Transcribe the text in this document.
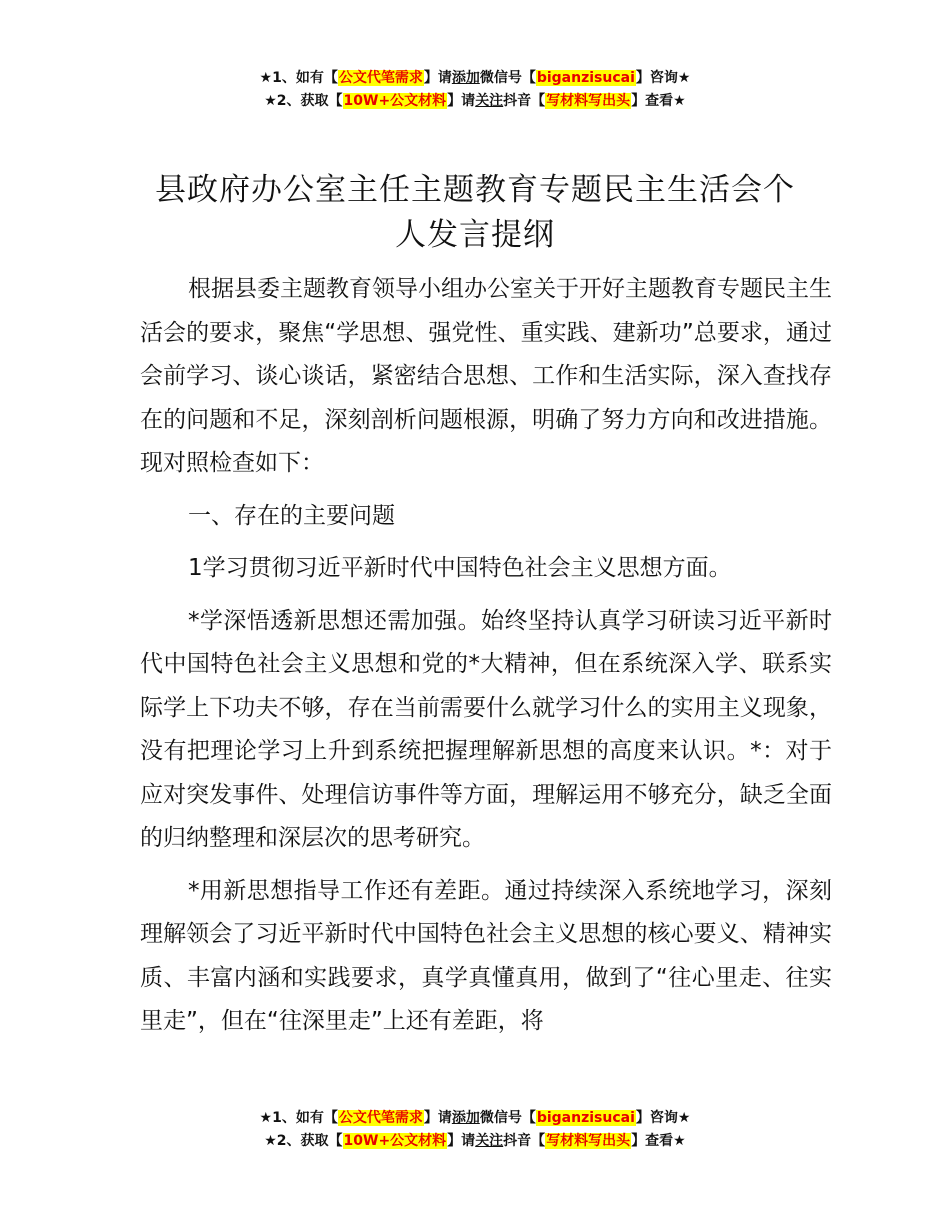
★1、如有【公文代笔需求】请添加微信号【biganzisucai】咨询★
★2、获取【10W+公文材料】请关注抖音【写材料写出头】查看★
县政府办公室主任主题教育专题民主生活会个人发言提纲

根据县委主题教育领导小组办公室关于开好主题教育专题民主生活会的要求，聚焦“学思想、强党性、重实践、建新功”总要求，通过会前学习、谈心谈话，紧密结合思想、工作和生活实际，深入查找存在的问题和不足，深刻剖析问题根源，明确了努力方向和改进措施。现对照检查如下：

一、存在的主要问题

1学习贯彻习近平新时代中国特色社会主义思想方面。

*学深悟透新思想还需加强。始终坚持认真学习研读习近平新时代中国特色社会主义思想和党的*大精神，但在系统深入学、联系实际学上下功夫不够，存在当前需要什么就学习什么的实用主义现象，没有把理论学习上升到系统把握理解新思想的高度来认识。*：对于应对突发事件、处理信访事件等方面，理解运用不够充分，缺乏全面的归纳整理和深层次的思考研究。

*用新思想指导工作还有差距。通过持续深入系统地学习，深刻理解领会了习近平新时代中国特色社会主义思想的核心要义、精神实质、丰富内涵和实践要求，真学真懂真用，做到了“往心里走、往实里走”，但在“往深里走”上还有差距，将

★1、如有【公文代笔需求】请添加微信号【biganzisucai】咨询★
★2、获取【10W+公文材料】请关注抖音【写材料写出头】查看★
